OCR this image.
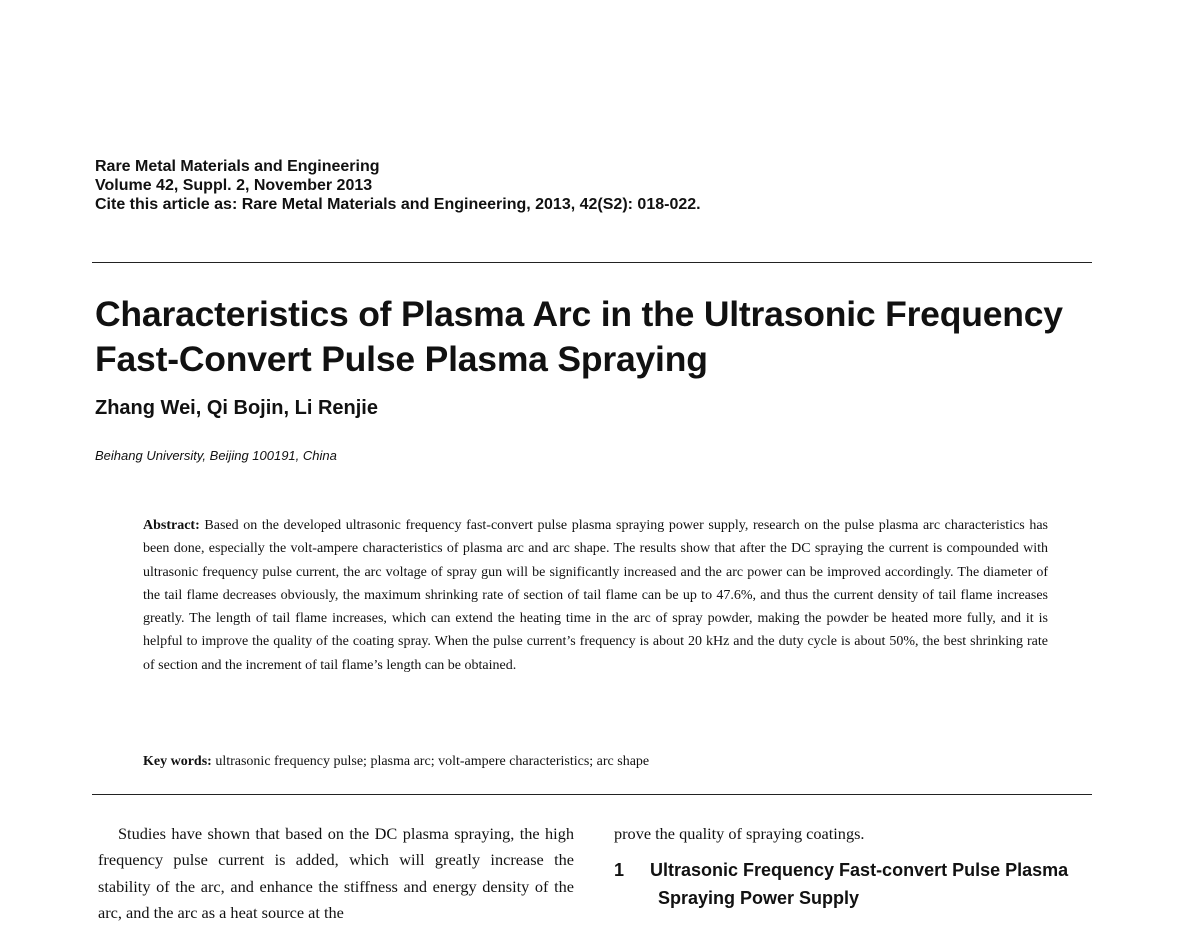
Rare Metal Materials and Engineering
Volume 42, Suppl. 2, November 2013
Cite this article as: Rare Metal Materials and Engineering, 2013, 42(S2): 018-022.
Characteristics of Plasma Arc in the Ultrasonic Frequency
Fast-Convert Pulse Plasma Spraying
Zhang Wei, Qi Bojin, Li Renjie
Beihang University, Beijing 100191, China
Abstract: Based on the developed ultrasonic frequency fast-convert pulse plasma spraying power supply, research on the pulse plasma arc characteristics has been done, especially the volt-ampere characteristics of plasma arc and arc shape. The results show that after the DC spraying the current is compounded with ultrasonic frequency pulse current, the arc voltage of spray gun will be significantly increased and the arc power can be improved accordingly. The diameter of the tail flame decreases obviously, the maximum shrinking rate of section of tail flame can be up to 47.6%, and thus the current density of tail flame increases greatly. The length of tail flame increases, which can extend the heating time in the arc of spray powder, making the powder be heated more fully, and it is helpful to improve the quality of the coating spray. When the pulse current’s frequency is about 20 kHz and the duty cycle is about 50%, the best shrinking rate of section and the increment of tail flame’s length can be obtained.
Key words: ultrasonic frequency pulse; plasma arc; volt-ampere characteristics; arc shape

Studies have shown that based on the DC plasma spraying, the high frequency pulse current is added, which will greatly increase the stability of the arc, and enhance the stiffness and energy density of the arc, and the arc as a heat source at the

prove the quality of spraying coatings.

1 Ultrasonic Frequency Fast-convert Pulse Plasma
Spraying Power Supply
